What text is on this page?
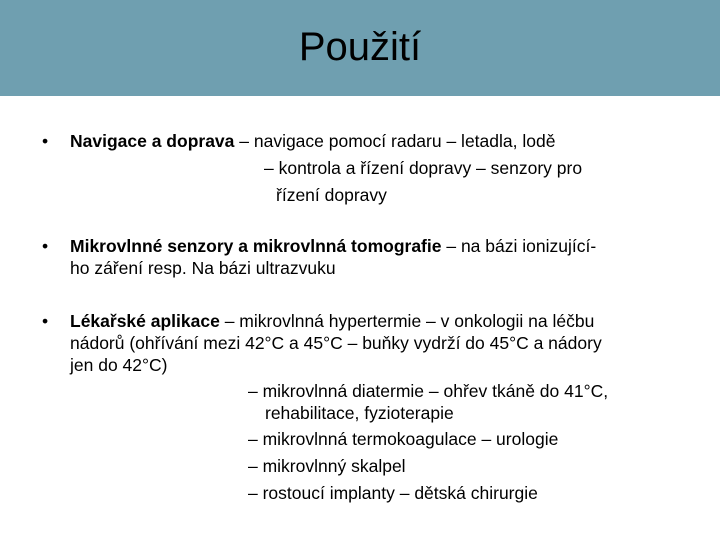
Použití
• Navigace a doprava – navigace pomocí radaru – letadla, lodě
– kontrola a řízení dopravy – senzory pro
řízení dopravy
• Mikrovlnné senzory a mikrovlnná tomografie – na bázi ionizující-
ho záření resp. Na bázi ultrazvuku
• Lékařské aplikace – mikrovlnná hypertermie – v onkologii na léčbu
nádorů (ohřívání mezi 42°C a 45°C – buňky vydrží do 45°C a nádory
jen do 42°C)
– mikrovlnná diatermie – ohřev tkáně do 41°C,
rehabilitace, fyzioterapie
– mikrovlnná termokoagulace – urologie
– mikrovlnný skalpel
– rostoucí implanty – dětská chirurgie
